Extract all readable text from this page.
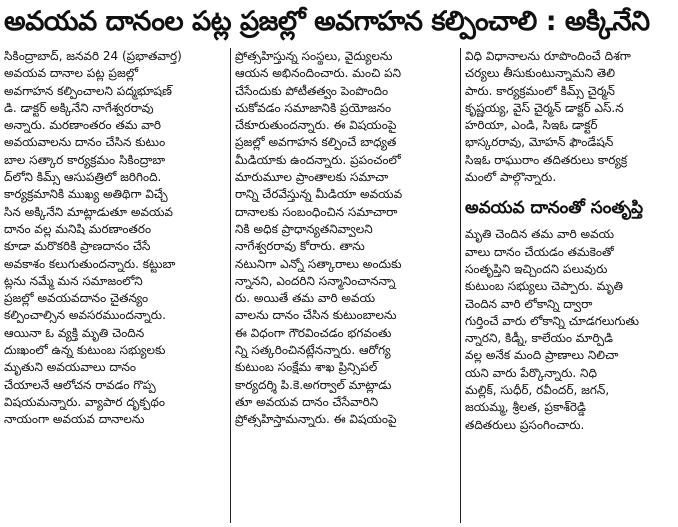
అవయవ దానంల పట్ల ప్రజల్లో అవగాహన కల్పించాలి : అక్కినేని
సికింద్రాబాద్, జనవరి 24 (ప్రభాతవార్త)
అవయవ దానాల పట్ల ప్రజల్లో
అవగాహన కల్పించాలని పద్మభూషణ్
డి. డాక్టర్ అక్కినేని నాగేశ్వరరావు
అన్నారు. మరణాంతరం తమ వారి
అవయవాలను దానం చేసిన కుటుం
బాల సత్కార కార్యక్రమం సికింద్రాబా
ద్‌లోని కిమ్స్ ఆసుపత్రిలో జరిగింది.
కార్యక్రమానికి ముఖ్య అతిథిగా విచ్చే
సిన అక్కినేని మాట్లాడుతూ అవయవ
దానం వల్ల మనిషి మరణాంతరం
కూడా మరొకరికి ప్రాణదానం చేసే
అవకాశం కలుగుతుందన్నారు. కట్టుబా
ట్లను నమ్మే మన సమాజంలోని
ప్రజల్లో అవయవదానం చైతన్యం
కల్పించాల్సిన అవసరముందన్నారు.
ఆయినా ఓ వ్యక్తి మృతి చెందిన
దుఃఖంలో ఉన్న కుటుంబ సభ్యులకు
మృతుని అవయవాలు దానం
చేయాలనే ఆలోచన రావడం గొప్ప
విషయమన్నారు. వ్యాపార దృక్పథం
నాయంగా అవయవ దానాలను
ప్రోత్సహిస్తున్న సంస్థలు, వైద్యులను
ఆయన అభినందించారు. మంచి పని
చేసేందుకు పోటీతత్వం పెంపొందిం
చుకోవడం సమాజానికి ప్రయోజనం
చేకూరుతుందన్నారు. ఈ విషయంపై
ప్రజల్లో అవగాహన కల్పించే బాధ్యత
మీడియాకు ఉందన్నారు. ప్రపంచంలో
మారుమూల ప్రాంతాలకు సమాచా
రాన్ని చేరవేస్తున్న మీడియా అవయవ
దానాలకు సంబంధించిన సమాచారా
నికి అధిక ప్రాధాన్యతనివ్వాలని
నాగేశ్వరరావు కోరారు. తాను
నటునిగా ఎన్నో సత్కారాలు అందుకు
న్నానని, ఎందరిని సన్మానించానన్నా
రు. అయితే తమ వారి అవయ
వాలను దానం చేసిన కుటుంబాలను
ఈ విధంగా గౌరవించడం భగవంతు
న్ని సత్కరించినట్లేనన్నారు. ఆరోగ్య
కుటుంబ సంక్షేమ శాఖ ప్రిన్సిపల్
కార్యదర్శి పి.కె.అగర్వాల్ మాట్లాడు
తూ అవయవ దానం చేసేవారిని
ప్రోత్సహిస్తామన్నారు. ఈ విషయంపై
విధి విధానాలను రూపొందించే దిశగా
చర్యలు తీసుకుంటున్నామని తెలి
పారు. కార్యక్రమంలో కిమ్స్ చైర్మన్
కృష్ణయ్య, వైస్ చైర్మన్ డాక్టర్ ఎస్.న
హరియా, ఎండి, సిఇఓ డాక్టర్
భాస్కరరావు, మోహన్ ఫౌండేషన్
సిఇఓ రాఘురాం తదితరులు కార్యక్ర
మంలో పాల్గొన్నారు.
అవయవ దానంతో సంతృప్తి
మృతి చెందిన తమ వారి అవయ
వాలు దానం చేయడం తమకెంతో
సంతృప్తిని ఇచ్చిందని పలువురు
కుటుంబ సభ్యులు చెప్పారు. మృతి
చెందిన వారి లోకాన్ని ద్వారా
గుర్తించే వారు లోకాన్ని చూడగలుగుతు
న్నారని, కిడ్నీ, కాలేయం మార్పిడి
వల్ల అనేక మంది ప్రాణాలు నిలిచా
యని వారు పేర్కొన్నారు. నిధి
మల్లిక్, సుధీర్, రవీందర్, జగన్,
జయమ్మ, శ్రీలత, ప్రకాశ్‌రెడ్డి
తదితరులు ప్రసంగించారు.
